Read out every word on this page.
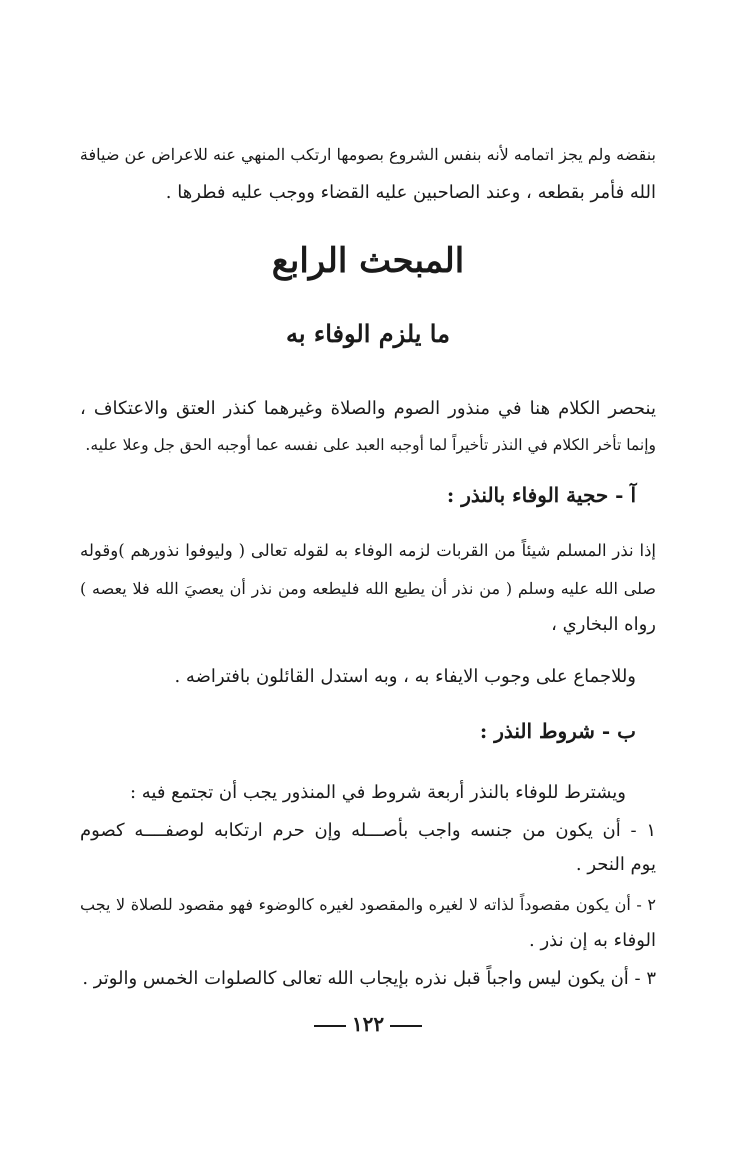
بنقضه ولم يجز اتمامه لأنه بنفس الشروع بصومها ارتكب المنهي عنه للاعراض عن ضيافة
الله فأمر بقطعه ، وعند الصاحبين عليه القضاء ووجب عليه فطرها .
المبحث الرابع
ما يلزم الوفاء به
ينحصر الكلام هنا في منذور الصوم والصلاة وغيرهما كنذر العتق والاعتكاف ،
وإنما تأخر الكلام في النذر تأخيراً لما أوجبه العبد على نفسه عما أوجبه الحق جل وعلا عليه.
آ - حجية الوفاء بالنذر :
إذا نذر المسلم شيئاً من القربات لزمه الوفاء به لقوله تعالى ( وليوفوا نذورهم )وقوله
صلى الله عليه وسلم ( من نذر أن يطيع الله فليطعه ومن نذر أن يعصيَ الله فلا يعصه )
رواه البخاري ،
وللاجماع على وجوب الايفاء به ، وبه استدل القائلون بافتراضه .
ب - شروط النذر :
ويشترط للوفاء بالنذر أربعة شروط في المنذور يجب أن تجتمع فيه :
١ - أن يكون من جنسه واجب بأصـــله وإن حرم ارتكابه لوصفــــه كصوم
يوم النحر .
٢ - أن يكون مقصوداً لذاته لا لغيره والمقصود لغيره كالوضوء فهو مقصود للصلاة لا يجب
الوفاء به إن نذر .
٣ - أن يكون ليس واجباً قبل نذره بإيجاب الله تعالى كالصلوات الخمس والوتر .
١٢٢
